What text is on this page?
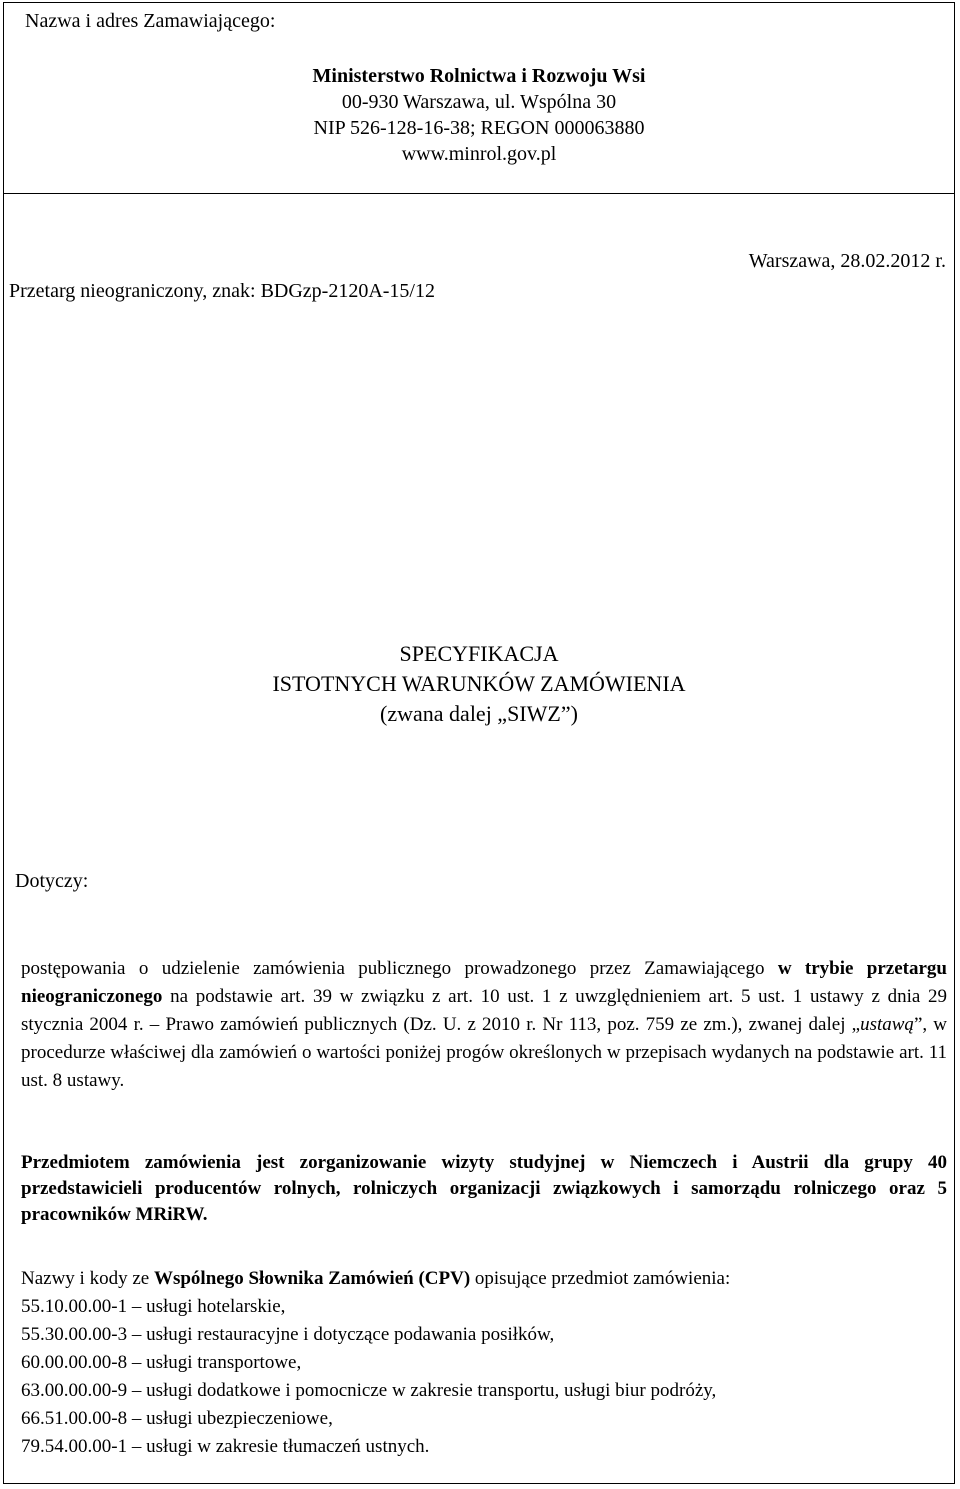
Nazwa i adres Zamawiającego:
Ministerstwo Rolnictwa i Rozwoju Wsi
00-930 Warszawa, ul. Wspólna 30
NIP 526-128-16-38; REGON 000063880
www.minrol.gov.pl
Warszawa, 28.02.2012 r.
Przetarg nieograniczony, znak: BDGzp-2120A-15/12
SPECYFIKACJA
ISTOTNYCH WARUNKÓW ZAMÓWIENIA
(zwana dalej „SIWZ”)
Dotyczy:
postępowania o udzielenie zamówienia publicznego prowadzonego przez Zamawiającego w trybie przetargu nieograniczonego na podstawie art. 39 w związku z art. 10 ust. 1 z uwzględnieniem art. 5 ust. 1 ustawy z dnia 29 stycznia 2004 r. – Prawo zamówień publicznych (Dz. U. z 2010 r. Nr 113, poz. 759 ze zm.), zwanej dalej „ustawą”, w procedurze właściwej dla zamówień o wartości poniżej progów określonych w przepisach wydanych na podstawie art. 11 ust. 8 ustawy.
Przedmiotem zamówienia jest zorganizowanie wizyty studyjnej w Niemczech i Austrii dla grupy 40 przedstawicieli producentów rolnych, rolniczych organizacji związkowych i samorządu rolniczego oraz 5 pracowników MRiRW.
Nazwy i kody ze Wspólnego Słownika Zamówień (CPV) opisujące przedmiot zamówienia:
55.10.00.00-1 – usługi hotelarskie,
55.30.00.00-3 – usługi restauracyjne i dotyczące podawania posiłków,
60.00.00.00-8 – usługi transportowe,
63.00.00.00-9 – usługi dodatkowe i pomocnicze w zakresie transportu, usługi biur podróży,
66.51.00.00-8 – usługi ubezpieczeniowe,
79.54.00.00-1 – usługi w zakresie tłumaczeń ustnych.
